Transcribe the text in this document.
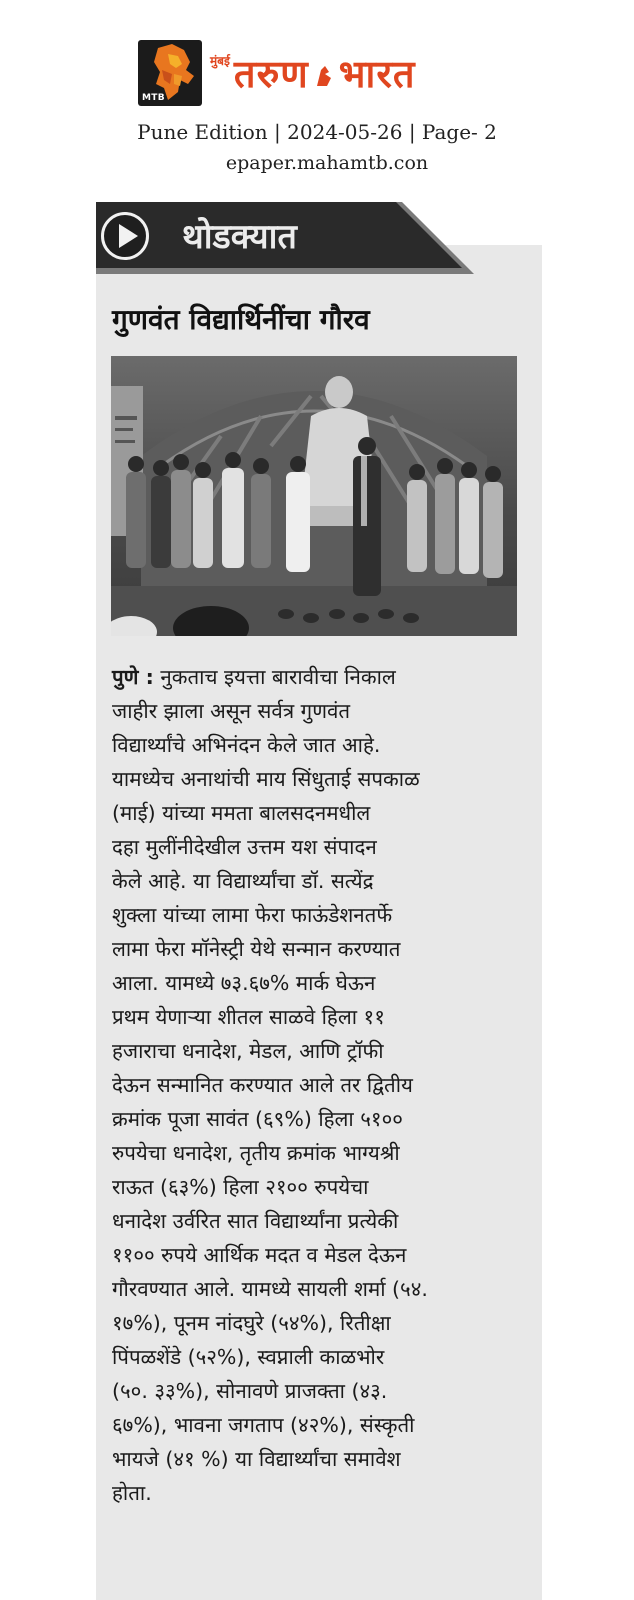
MTB
मुंबई तरुण भारत
Pune Edition | 2024-05-26 | Page- 2
epaper.mahamtb.con
थोडक्यात
गुणवंत विद्यार्थिनींचा गौरव

पुणे : नुकताच इयत्ता बारावीचा निकाल

जाहीर झाला असून सर्वत्र गुणवंत

विद्यार्थ्यांचे अभिनंदन केले जात आहे.

यामध्येच अनाथांची माय सिंधुताई सपकाळ

(माई) यांच्या ममता बालसदनमधील

दहा मुलींनीदेखील उत्तम यश संपादन

केले आहे. या विद्यार्थ्यांचा डॉ. सत्येंद्र

शुक्ला यांच्या लामा फेरा फाऊंडेशनतर्फे

लामा फेरा मॉनेस्ट्री येथे सन्मान करण्यात

आला. यामध्ये ७३.६७% मार्क घेऊन

प्रथम येणाऱ्या शीतल साळवे हिला ११

हजाराचा धनादेश, मेडल, आणि ट्रॉफी

देऊन सन्मानित करण्यात आले तर द्वितीय

क्रमांक पूजा सावंत (६९%) हिला ५१००

रुपयेचा धनादेश, तृतीय क्रमांक भाग्यश्री

राऊत (६३%) हिला २१०० रुपयेचा

धनादेश उर्वरित सात विद्यार्थ्यांना प्रत्येकी

११०० रुपये आर्थिक मदत व मेडल देऊन

गौरवण्यात आले. यामध्ये सायली शर्मा (५४.

१७%), पूनम नांदघुरे (५४%), रितीक्षा

पिंपळशेंडे (५२%), स्वप्नाली काळभोर

(५०. ३३%), सोनावणे प्राजक्ता (४३.

६७%), भावना जगताप (४२%), संस्कृती

भायजे (४१ %) या विद्यार्थ्यांचा समावेश

होता.
